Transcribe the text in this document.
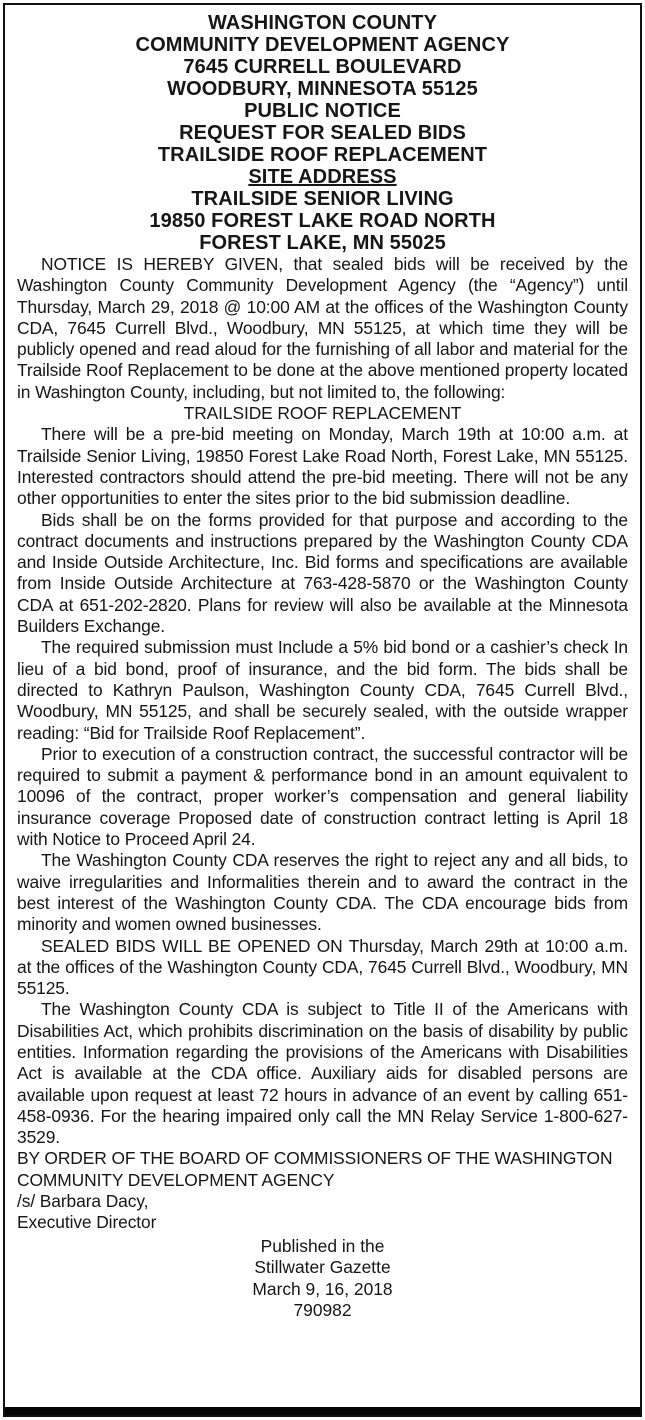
WASHINGTON COUNTY
COMMUNITY DEVELOPMENT AGENCY
7645 CURRELL BOULEVARD
WOODBURY, MINNESOTA 55125
PUBLIC NOTICE
REQUEST FOR SEALED BIDS
TRAILSIDE ROOF REPLACEMENT
SITE ADDRESS
TRAILSIDE SENIOR LIVING
19850 FOREST LAKE ROAD NORTH
FOREST LAKE, MN 55025

NOTICE IS HEREBY GIVEN, that sealed bids will be received by the Washington County Community Development Agency (the “Agency”) until Thursday, March 29, 2018 @ 10:00 AM at the offices of the Washington County CDA, 7645 Currell Blvd., Woodbury, MN 55125, at which time they will be publicly opened and read aloud for the furnishing of all labor and material for the Trailside Roof Replacement to be done at the above mentioned property located in Washington County, including, but not limited to, the following:

TRAILSIDE ROOF REPLACEMENT

There will be a pre-bid meeting on Monday, March 19th at 10:00 a.m. at Trailside Senior Living, 19850 Forest Lake Road North, Forest Lake, MN 55125. Interested contractors should attend the pre-bid meeting. There will not be any other opportunities to enter the sites prior to the bid submission deadline.

Bids shall be on the forms provided for that purpose and according to the contract documents and instructions prepared by the Washington County CDA and Inside Outside Architecture, Inc. Bid forms and specifications are available from Inside Outside Architecture at 763-428-5870 or the Washington County CDA at 651-202-2820. Plans for review will also be available at the Minnesota Builders Exchange.

The required submission must Include a 5% bid bond or a cashier’s check In lieu of a bid bond, proof of insurance, and the bid form. The bids shall be directed to Kathryn Paulson, Washington County CDA, 7645 Currell Blvd., Woodbury, MN 55125, and shall be securely sealed, with the outside wrapper reading: “Bid for Trailside Roof Replacement”.

Prior to execution of a construction contract, the successful contractor will be required to submit a payment & performance bond in an amount equivalent to 10096 of the contract, proper worker’s compensation and general liability insurance coverage Proposed date of construction contract letting is April 18 with Notice to Proceed April 24.

The Washington County CDA reserves the right to reject any and all bids, to waive irregularities and Informalities therein and to award the contract in the best interest of the Washington County CDA. The CDA encourage bids from minority and women owned businesses.

SEALED BIDS WILL BE OPENED ON Thursday, March 29th at 10:00 a.m. at the offices of the Washington County CDA, 7645 Currell Blvd., Woodbury, MN 55125.

The Washington County CDA is subject to Title II of the Americans with Disabilities Act, which prohibits discrimination on the basis of disability by public entities. Information regarding the provisions of the Americans with Disabilities Act is available at the CDA office. Auxiliary aids for disabled persons are available upon request at least 72 hours in advance of an event by calling 651-458-0936. For the hearing impaired only call the MN Relay Service 1-800-627-3529.

BY ORDER OF THE BOARD OF COMMISSIONERS OF THE WASHINGTON COMMUNITY DEVELOPMENT AGENCY

/s/ Barbara Dacy,

Executive Director

Published in the
Stillwater Gazette
March 9, 16, 2018
790982
